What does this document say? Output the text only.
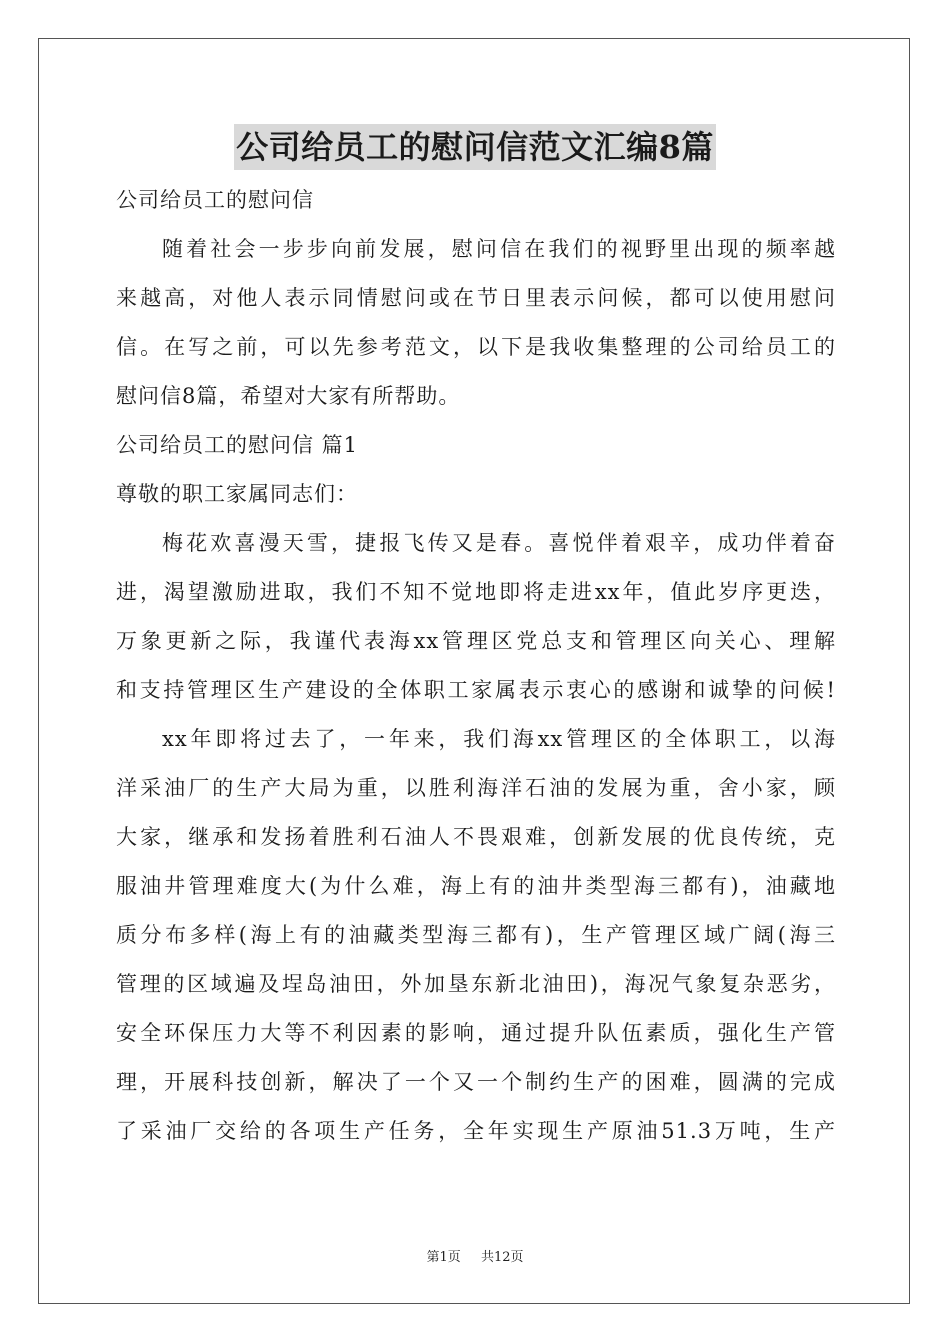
公司给员工的慰问信范文汇编8篇
公司给员工的慰问信
随着社会一步步向前发展，慰问信在我们的视野里出现的频率越
来越高，对他人表示同情慰问或在节日里表示问候，都可以使用慰问
信。在写之前，可以先参考范文，以下是我收集整理的公司给员工的
慰问信8篇，希望对大家有所帮助。
公司给员工的慰问信 篇1
尊敬的职工家属同志们：
梅花欢喜漫天雪，捷报飞传又是春。喜悦伴着艰辛，成功伴着奋
进，渴望激励进取，我们不知不觉地即将走进xx年，值此岁序更迭，
万象更新之际，我谨代表海xx管理区党总支和管理区向关心、理解
和支持管理区生产建设的全体职工家属表示衷心的感谢和诚挚的问候!
xx年即将过去了，一年来，我们海xx管理区的全体职工，以海
洋采油厂的生产大局为重，以胜利海洋石油的发展为重，舍小家，顾
大家，继承和发扬着胜利石油人不畏艰难，创新发展的优良传统，克
服油井管理难度大(为什么难，海上有的油井类型海三都有)，油藏地
质分布多样(海上有的油藏类型海三都有)，生产管理区域广阔(海三
管理的区域遍及埕岛油田，外加垦东新北油田)，海况气象复杂恶劣，
安全环保压力大等不利因素的影响，通过提升队伍素质，强化生产管
理，开展科技创新，解决了一个又一个制约生产的困难，圆满的完成
了采油厂交给的各项生产任务，全年实现生产原油51.3万吨，生产
第1页 共12页
